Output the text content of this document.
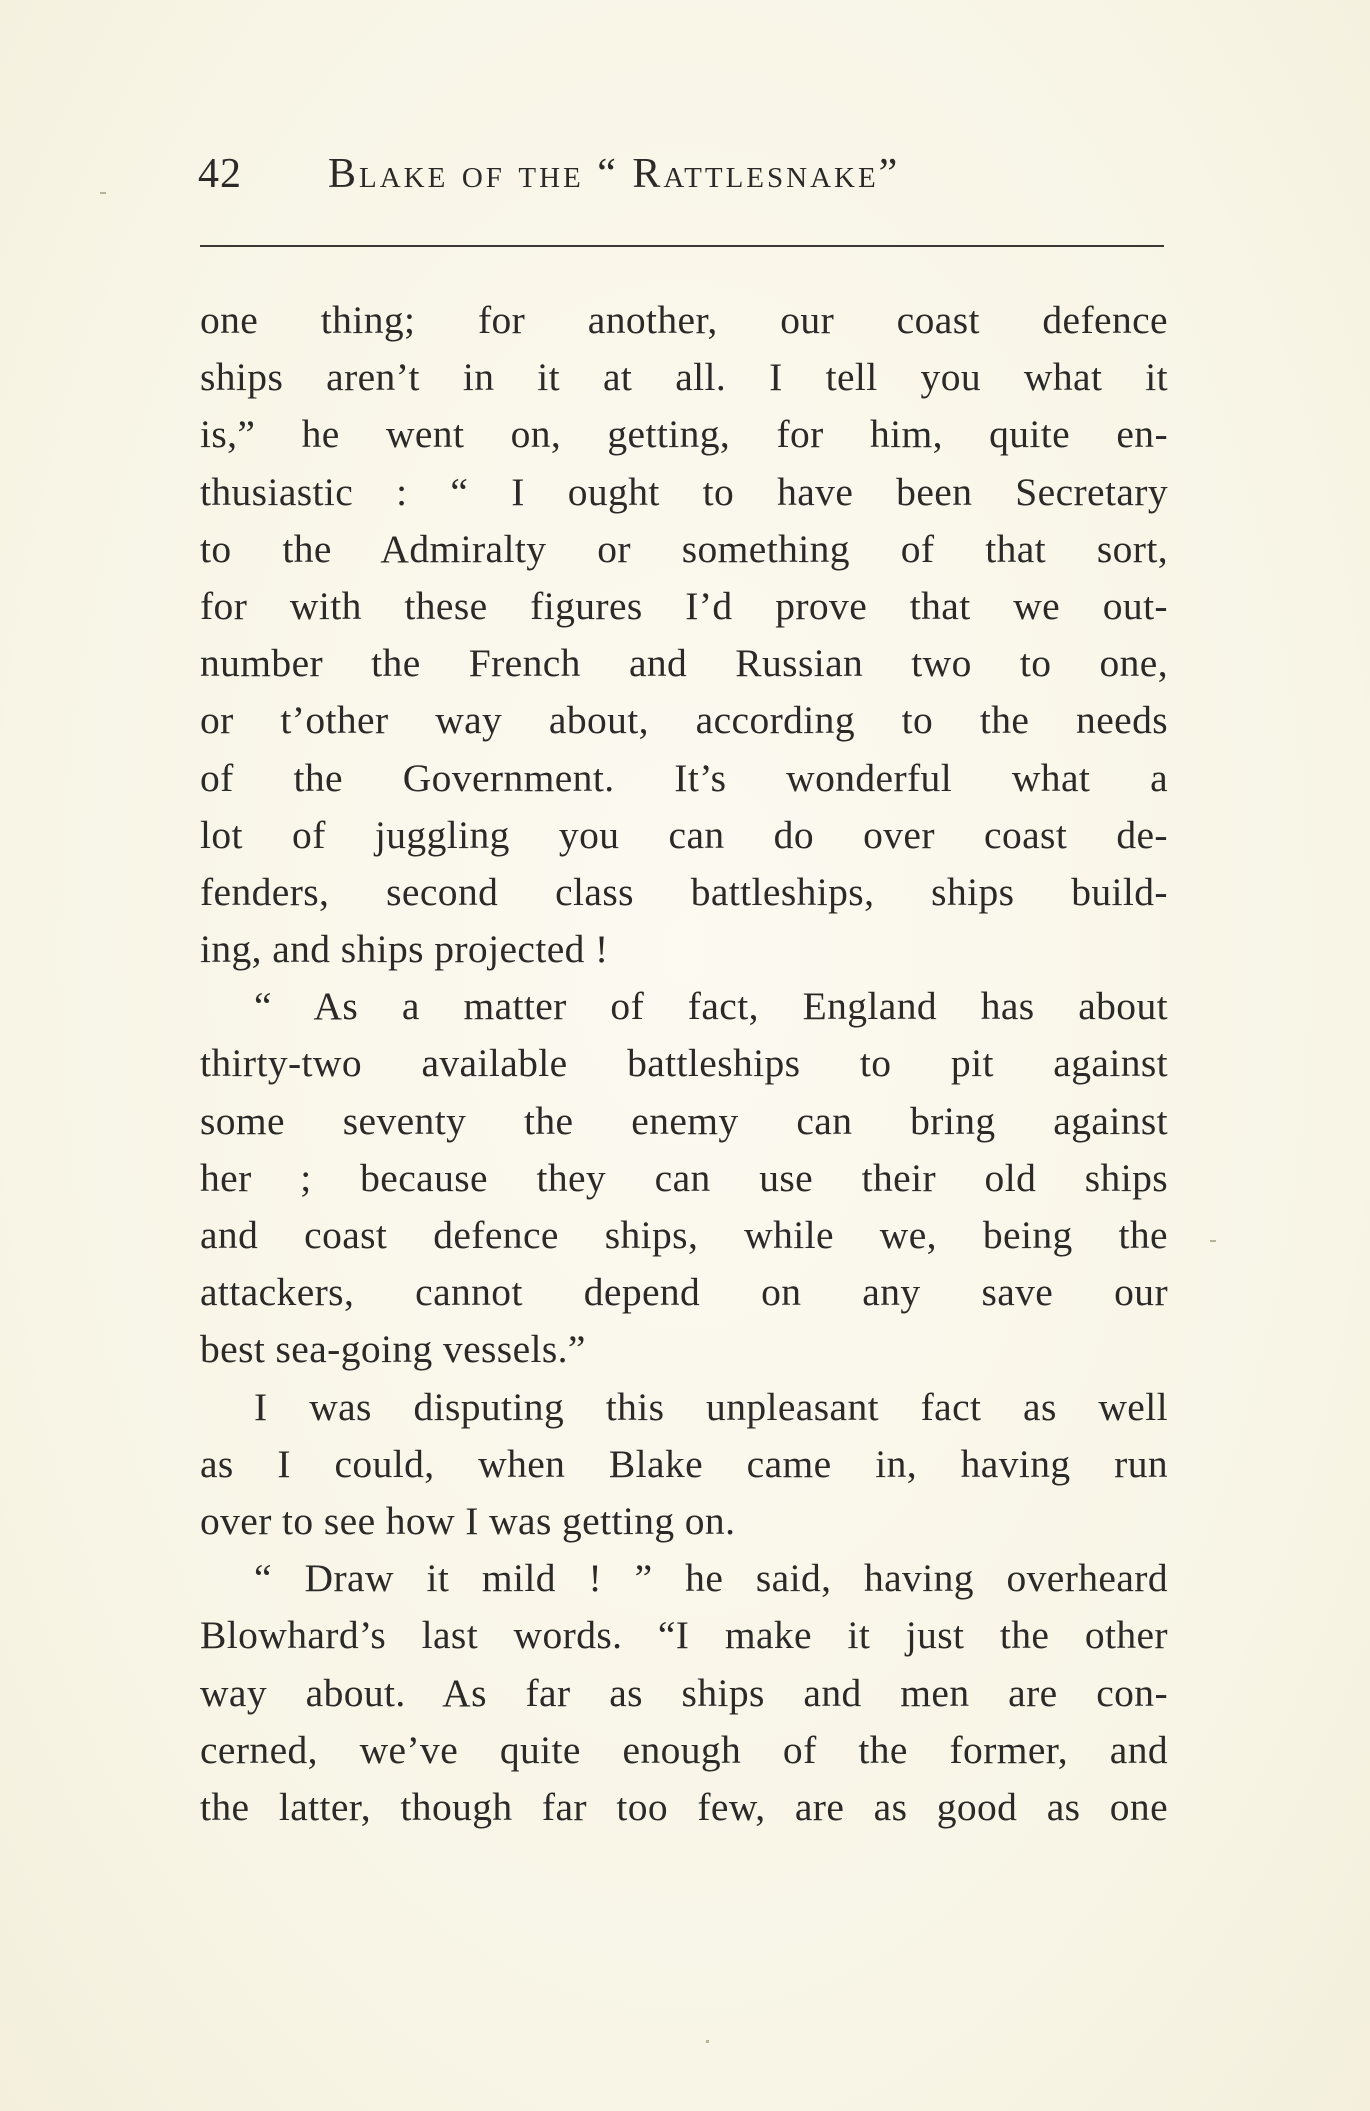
42 Blake of the “ Rattlesnake”
one thing; for another, our coast defence
ships aren’t in it at all. I tell you what it
is,” he went on, getting, for him, quite en-
thusiastic : “ I ought to have been Secretary
to the Admiralty or something of that sort,
for with these figures I’d prove that we out-
number the French and Russian two to one,
or t’other way about, according to the needs
of the Government. It’s wonderful what a
lot of juggling you can do over coast de-
fenders, second class battleships, ships build-
ing, and ships projected !
“ As a matter of fact, England has about
thirty-two available battleships to pit against
some seventy the enemy can bring against
her ; because they can use their old ships
and coast defence ships, while we, being the
attackers, cannot depend on any save our
best sea-going vessels.”
I was disputing this unpleasant fact as well
as I could, when Blake came in, having run
over to see how I was getting on.
“ Draw it mild ! ” he said, having overheard
Blowhard’s last words. “I make it just the other
way about. As far as ships and men are con-
cerned, we’ve quite enough of the former, and
the latter, though far too few, are as good as one
